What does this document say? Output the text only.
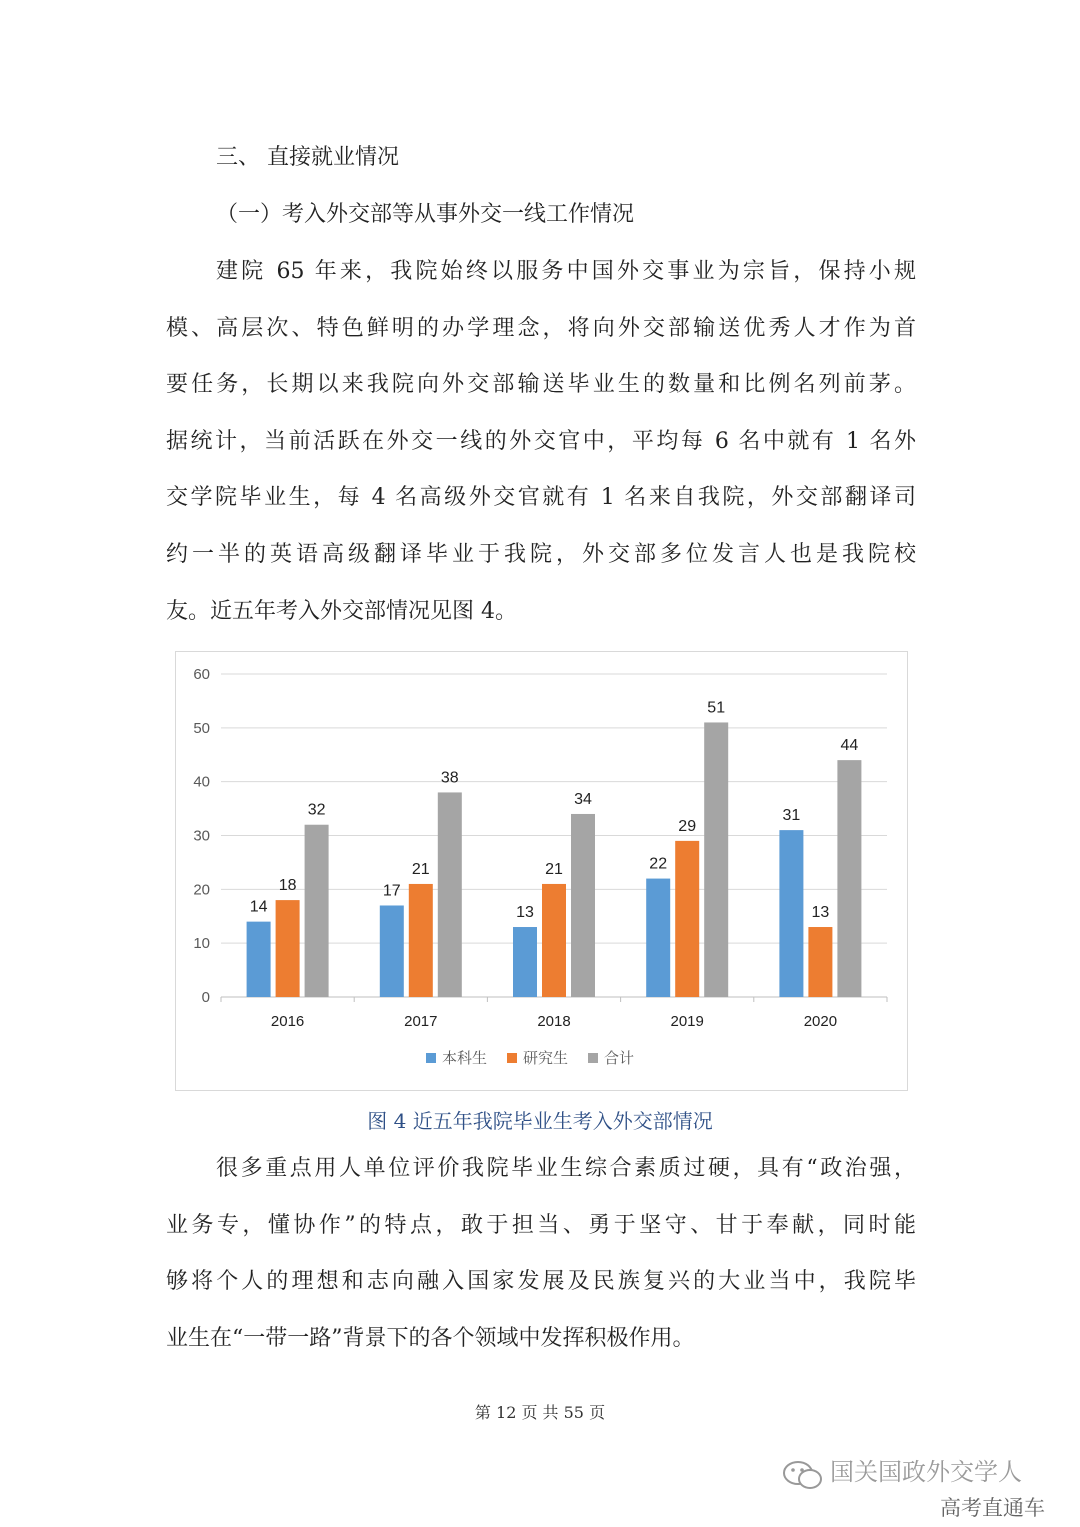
三、 直接就业情况
（一）考入外交部等从事外交一线工作情况
建院 65 年来，我院始终以服务中国外交事业为宗旨，保持小规
模、高层次、特色鲜明的办学理念，将向外交部输送优秀人才作为首
要任务，长期以来我院向外交部输送毕业生的数量和比例名列前茅。
据统计，当前活跃在外交一线的外交官中，平均每 6 名中就有 1 名外
交学院毕业生，每 4 名高级外交官就有 1 名来自我院，外交部翻译司
约一半的英语高级翻译毕业于我院，外交部多位发言人也是我院校
友。近五年考入外交部情况见图 4。
0
10
20
30
40
50
60
2016
14
18
32
2017
17
21
38
2018
13
21
34
2019
22
29
51
2020
31
13
44
本科生 研究生 合计
图 4 近五年我院毕业生考入外交部情况
很多重点用人单位评价我院毕业生综合素质过硬，具有“政治强，
业务专，懂协作”的特点，敢于担当、勇于坚守、甘于奉献，同时能
够将个人的理想和志向融入国家发展及民族复兴的大业当中，我院毕
业生在“一带一路”背景下的各个领域中发挥积极作用。
第 12 页 共 55 页
国关国政外交学人
高考直通车
